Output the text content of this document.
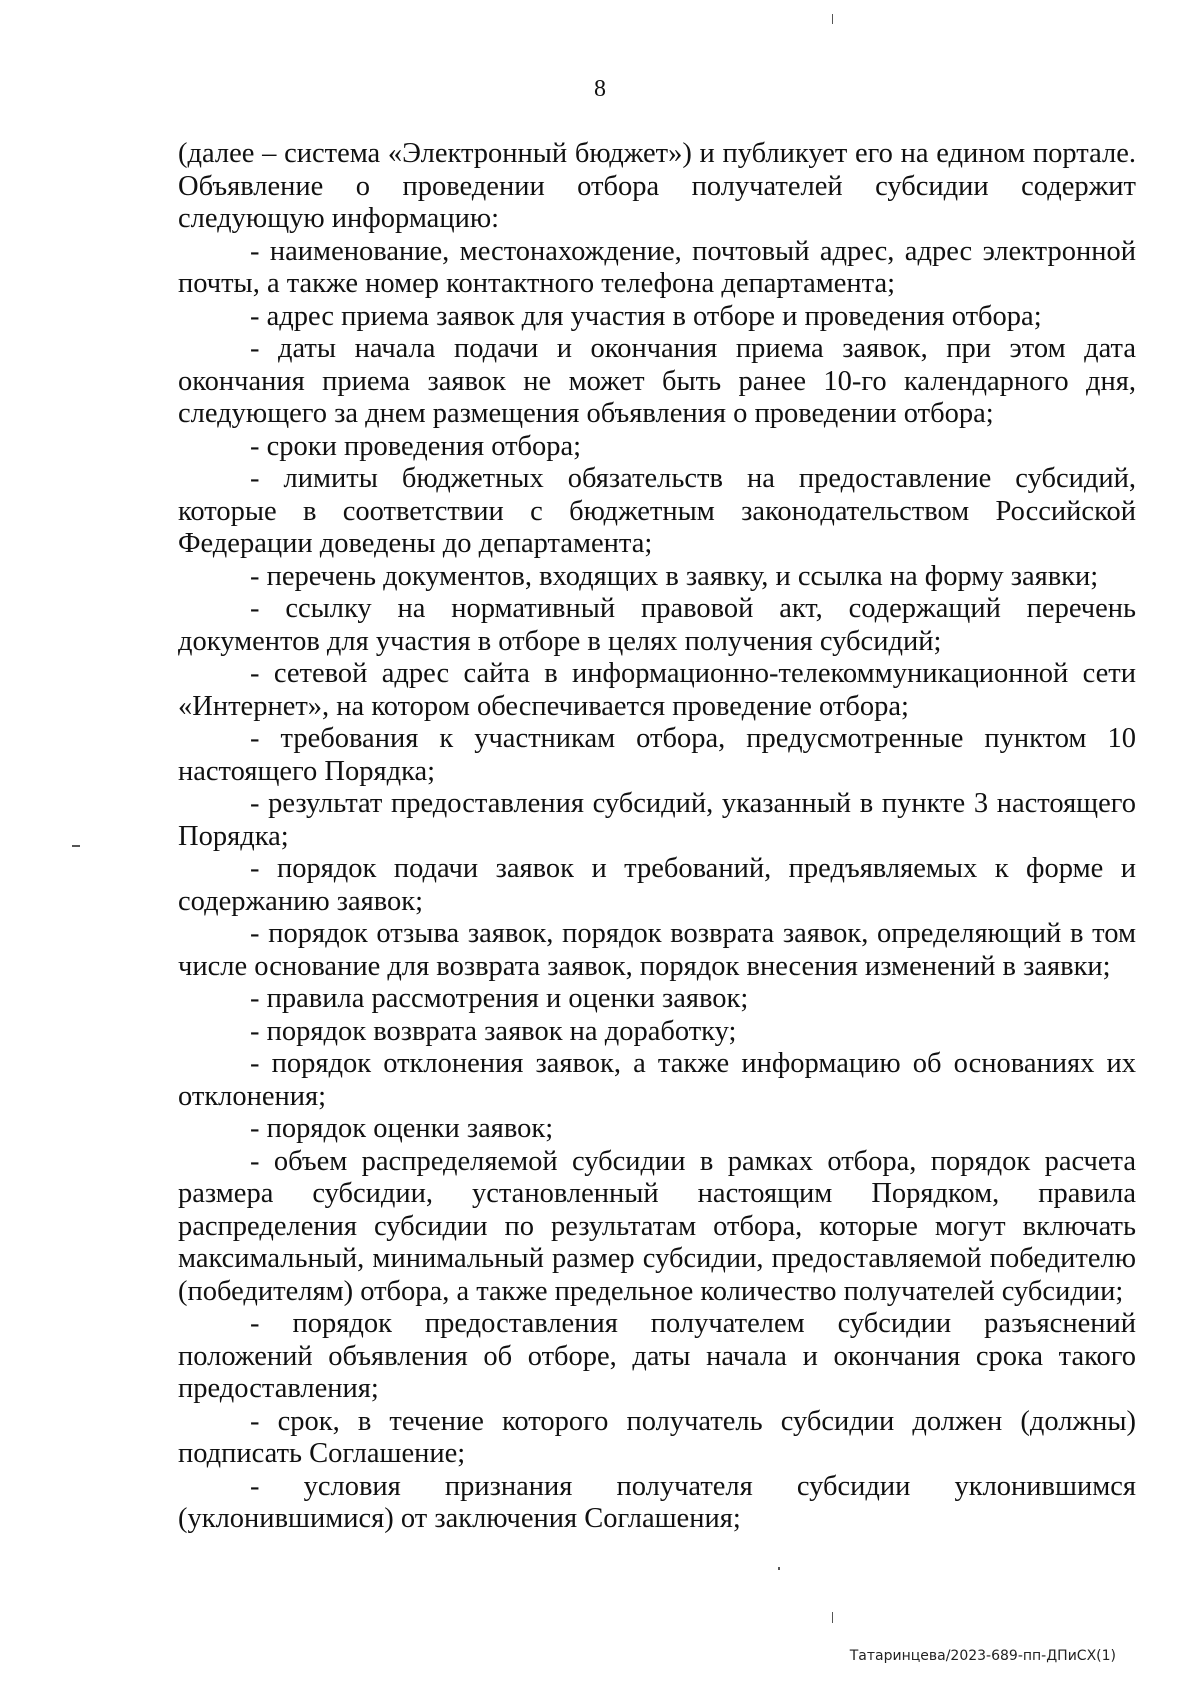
8

(далее – система «Электронный бюджет») и публикует его на едином портале. Объявление о проведении отбора получателей субсидии содержит следующую информацию:

- наименование, местонахождение, почтовый адрес, адрес электронной почты, а также номер контактного телефона департамента;

- адрес приема заявок для участия в отборе и проведения отбора;

- даты начала подачи и окончания приема заявок, при этом дата окончания приема заявок не может быть ранее 10-го календарного дня, следующего за днем размещения объявления о проведении отбора;

- сроки проведения отбора;

- лимиты бюджетных обязательств на предоставление субсидий, которые в соответствии с бюджетным законодательством Российской Федерации доведены до департамента;

- перечень документов, входящих в заявку, и ссылка на форму заявки;

- ссылку на нормативный правовой акт, содержащий перечень документов для участия в отборе в целях получения субсидий;

- сетевой адрес сайта в информационно-телекоммуникационной сети «Интернет», на котором обеспечивается проведение отбора;

- требования к участникам отбора, предусмотренные пунктом 10 настоящего Порядка;

- результат предоставления субсидий, указанный в пункте 3 настоящего Порядка;

- порядок подачи заявок и требований, предъявляемых к форме и содержанию заявок;

- порядок отзыва заявок, порядок возврата заявок, определяющий в том числе основание для возврата заявок, порядок внесения изменений в заявки;

- правила рассмотрения и оценки заявок;

- порядок возврата заявок на доработку;

- порядок отклонения заявок, а также информацию об основаниях их отклонения;

- порядок оценки заявок;

- объем распределяемой субсидии в рамках отбора, порядок расчета размера субсидии, установленный настоящим Порядком, правила распределения субсидии по результатам отбора, которые могут включать максимальный, минимальный размер субсидии, предоставляемой победителю (победителям) отбора, а также предельное количество получателей субсидии;

- порядок предоставления получателем субсидии разъяснений положений объявления об отборе, даты начала и окончания срока такого предоставления;

- срок, в течение которого получатель субсидии должен (должны) подписать Соглашение;

- условия признания получателя субсидии уклонившимся (уклонившимися) от заключения Соглашения;

Татаринцева/2023-689-пп-ДПиСХ(1)
